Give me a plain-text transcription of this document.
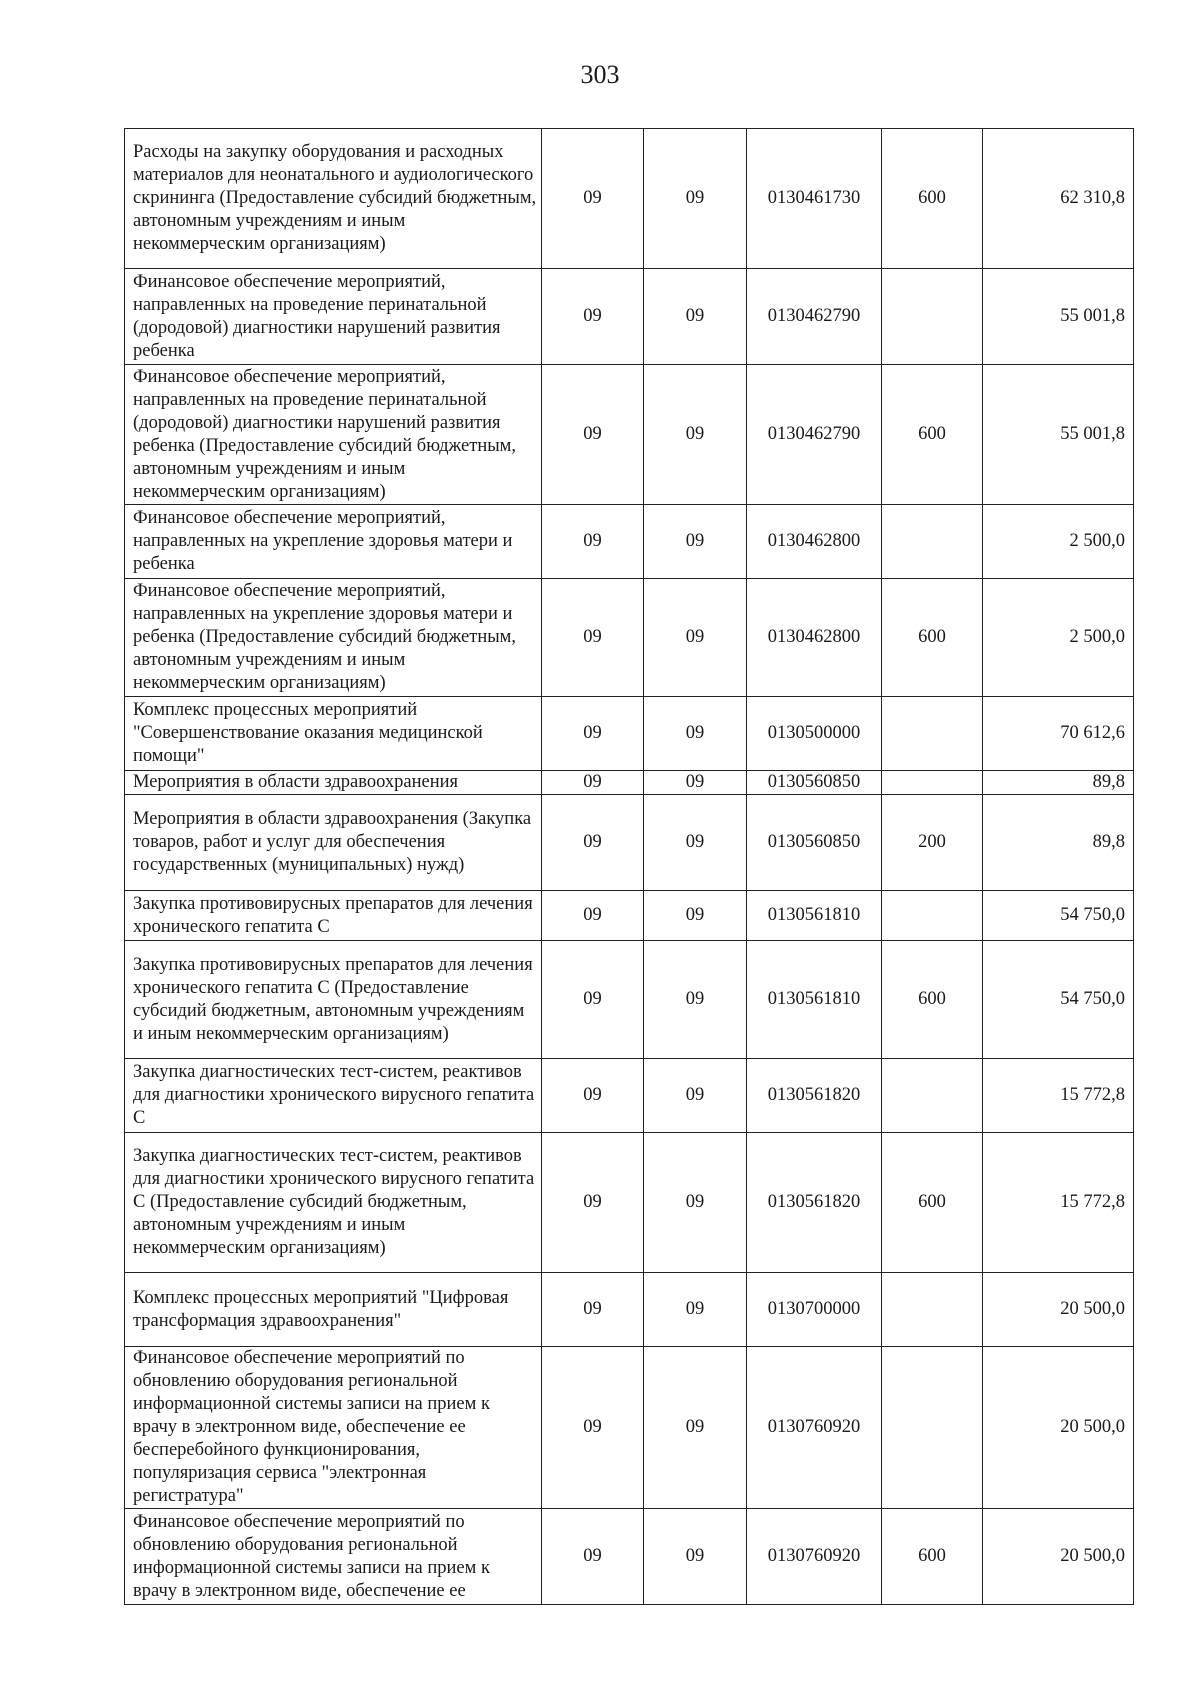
303
Расходы на закупку оборудования и расходных материалов для неонатального и аудиологического скрининга (Предоставление субсидий бюджетным, автономным учреждениям и иным некоммерческим организациям)	09	09	0130461730	600	62 310,8
Финансовое обеспечение мероприятий, направленных на проведение перинатальной (дородовой) диагностики нарушений развития ребенка	09	09	0130462790		55 001,8
Финансовое обеспечение мероприятий, направленных на проведение перинатальной (дородовой) диагностики нарушений развития ребенка (Предоставление субсидий бюджетным, автономным учреждениям и иным некоммерческим организациям)	09	09	0130462790	600	55 001,8
Финансовое обеспечение мероприятий, направленных на укрепление здоровья матери и ребенка	09	09	0130462800		2 500,0
Финансовое обеспечение мероприятий, направленных на укрепление здоровья матери и ребенка (Предоставление субсидий бюджетным, автономным учреждениям и иным некоммерческим организациям)	09	09	0130462800	600	2 500,0
Комплекс процессных мероприятий "Совершенствование оказания медицинской помощи"	09	09	0130500000		70 612,6
Мероприятия в области здравоохранения	09	09	0130560850		89,8
Мероприятия в области здравоохранения (Закупка товаров, работ и услуг для обеспечения государственных (муниципальных) нужд)	09	09	0130560850	200	89,8
Закупка противовирусных препаратов для лечения хронического гепатита С	09	09	0130561810		54 750,0
Закупка противовирусных препаратов для лечения хронического гепатита С (Предоставление субсидий бюджетным, автономным учреждениям и иным некоммерческим организациям)	09	09	0130561810	600	54 750,0
Закупка диагностических тест-систем, реактивов для диагностики хронического вирусного гепатита С	09	09	0130561820		15 772,8
Закупка диагностических тест-систем, реактивов для диагностики хронического вирусного гепатита С (Предоставление субсидий бюджетным, автономным учреждениям и иным некоммерческим организациям)	09	09	0130561820	600	15 772,8
Комплекс процессных мероприятий "Цифровая трансформация здравоохранения"	09	09	0130700000		20 500,0
Финансовое обеспечение мероприятий по обновлению оборудования региональной информационной системы записи на прием к врачу в электронном виде, обеспечение ее бесперебойного функционирования, популяризация сервиса "электронная регистратура"	09	09	0130760920		20 500,0
Финансовое обеспечение мероприятий по обновлению оборудования региональной информационной системы записи на прием к врачу в электронном виде, обеспечение ее	09	09	0130760920	600	20 500,0
